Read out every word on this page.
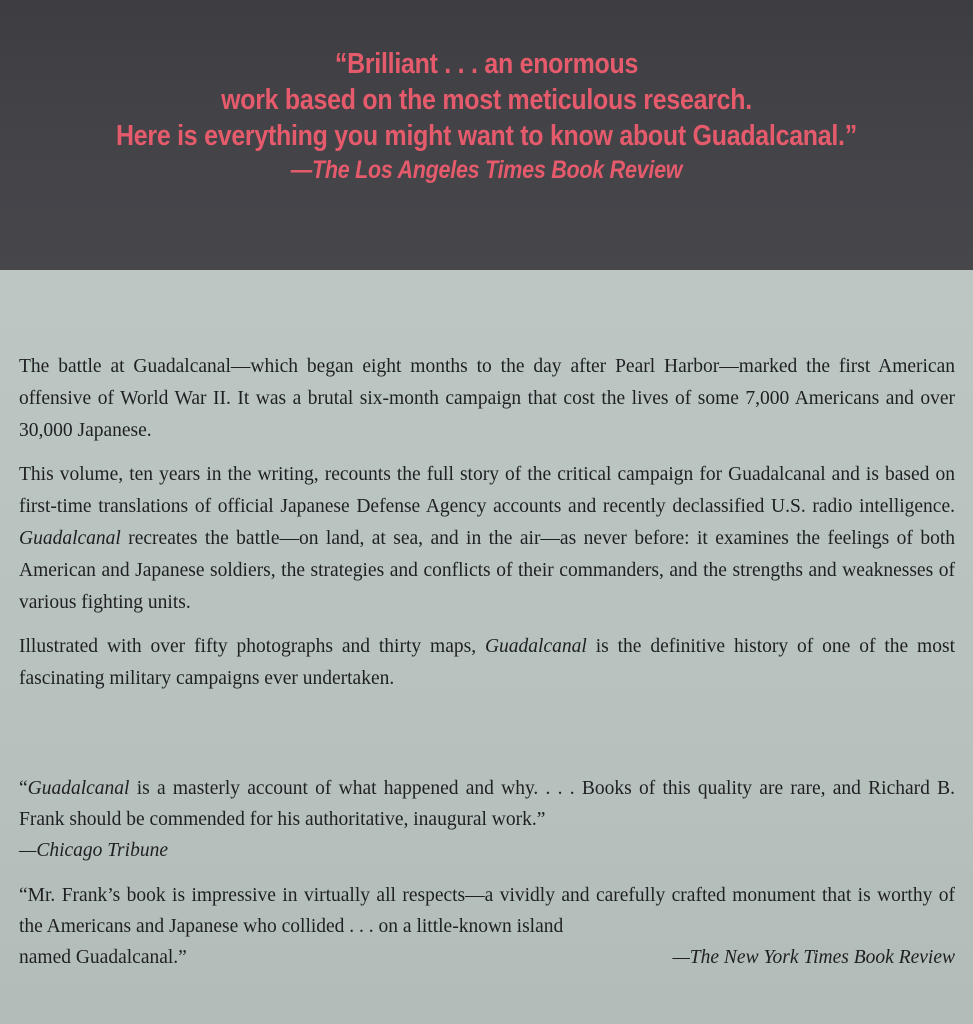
“Brilliant . . . an enormous
work based on the most meticulous research.
Here is everything you might want to know about Guadalcanal.”
—The Los Angeles Times Book Review

The battle at Guadalcanal—which began eight months to the day after Pearl Harbor—marked the first American offensive of World War II. It was a brutal six-month campaign that cost the lives of some 7,000 Americans and over 30,000 Japanese.

This volume, ten years in the writing, recounts the full story of the critical campaign for Guadalcanal and is based on first-time translations of official Japanese Defense Agency accounts and recently declassified U.S. radio intelligence. Guadalcanal recreates the battle—on land, at sea, and in the air—as never before: it examines the feelings of both American and Japanese soldiers, the strategies and conflicts of their commanders, and the strengths and weaknesses of various fighting units.

Illustrated with over fifty photographs and thirty maps, Guadalcanal is the definitive history of one of the most fascinating military campaigns ever undertaken.

“Guadalcanal is a masterly account of what happened and why. . . . Books of this quality are rare, and Richard B. Frank should be commended for his authoritative, inaugural work.”

—Chicago Tribune

“Mr. Frank’s book is impressive in virtually all respects—a vividly and carefully crafted monument that is worthy of the Americans and Japanese who collided . . . on a little-known island

named Guadalcanal.”	—The New York Times Book Review
